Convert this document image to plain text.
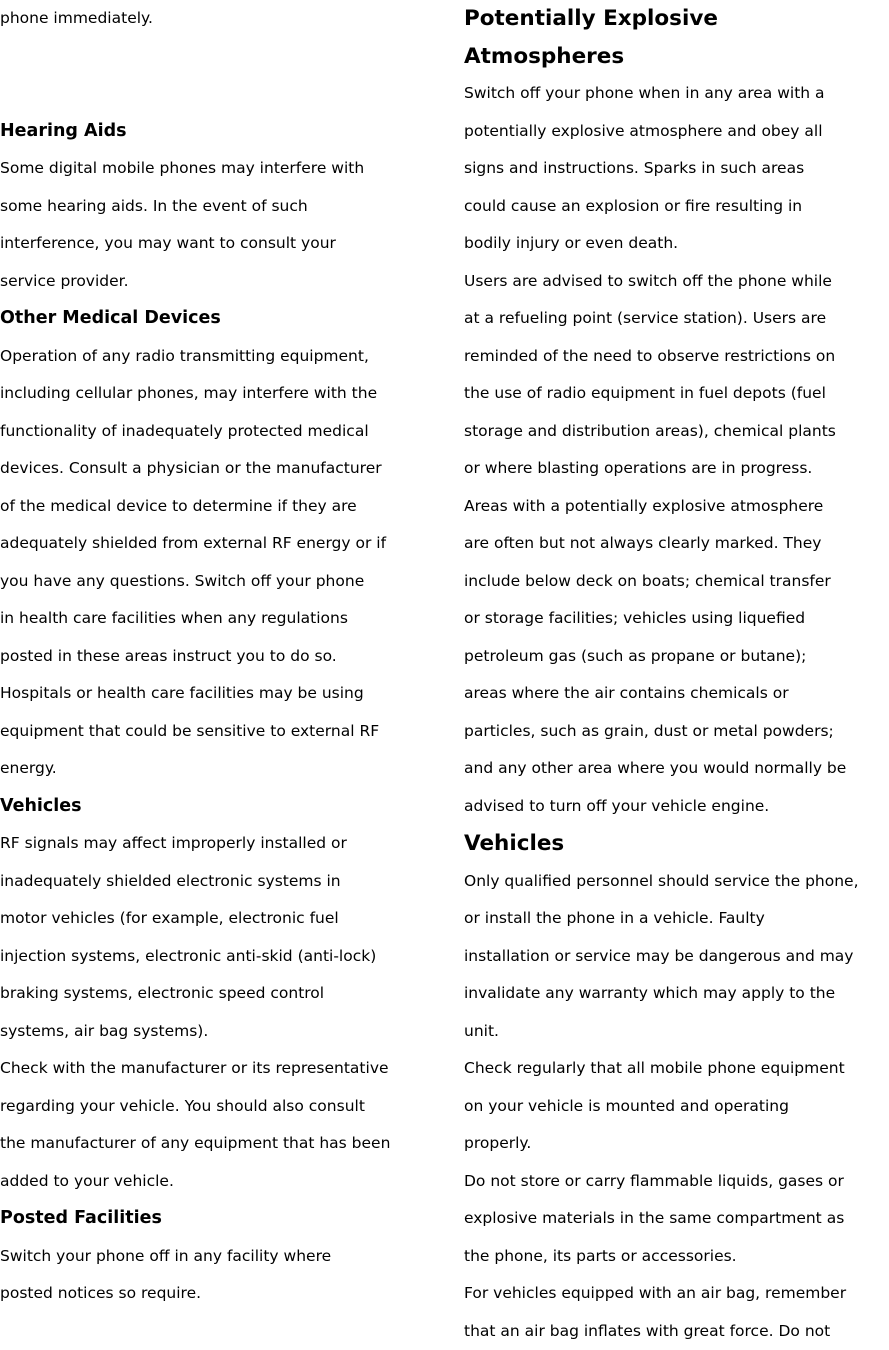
phone immediately.

Hearing Aids

Some digital mobile phones may interfere with

some hearing aids. In the event of such

interference, you may want to consult your

service provider.

Other Medical Devices

Operation of any radio transmitting equipment,

including cellular phones, may interfere with the

functionality of inadequately protected medical

devices. Consult a physician or the manufacturer

of the medical device to determine if they are

adequately shielded from external RF energy or if

you have any questions. Switch off your phone

in health care facilities when any regulations

posted in these areas instruct you to do so.

Hospitals or health care facilities may be using

equipment that could be sensitive to external RF

energy.

Vehicles

RF signals may affect improperly installed or

inadequately shielded electronic systems in

motor vehicles (for example, electronic fuel

injection systems, electronic anti-skid (anti-lock)

braking systems, electronic speed control

systems, air bag systems).

Check with the manufacturer or its representative

regarding your vehicle. You should also consult

the manufacturer of any equipment that has been

added to your vehicle.

Posted Facilities

Switch your phone off in any facility where

posted notices so require.

Potentially Explosive
Atmospheres

Switch off your phone when in any area with a

potentially explosive atmosphere and obey all

signs and instructions. Sparks in such areas

could cause an explosion or fire resulting in

bodily injury or even death.

Users are advised to switch off the phone while

at a refueling point (service station). Users are

reminded of the need to observe restrictions on

the use of radio equipment in fuel depots (fuel

storage and distribution areas), chemical plants

or where blasting operations are in progress.

Areas with a potentially explosive atmosphere

are often but not always clearly marked. They

include below deck on boats; chemical transfer

or storage facilities; vehicles using liquefied

petroleum gas (such as propane or butane);

areas where the air contains chemicals or

particles, such as grain, dust or metal powders;

and any other area where you would normally be

advised to turn off your vehicle engine.

Vehicles

Only qualified personnel should service the phone,

or install the phone in a vehicle. Faulty

installation or service may be dangerous and may

invalidate any warranty which may apply to the

unit.

Check regularly that all mobile phone equipment

on your vehicle is mounted and operating

properly.

Do not store or carry flammable liquids, gases or

explosive materials in the same compartment as

the phone, its parts or accessories.

For vehicles equipped with an air bag, remember

that an air bag inflates with great force. Do not
